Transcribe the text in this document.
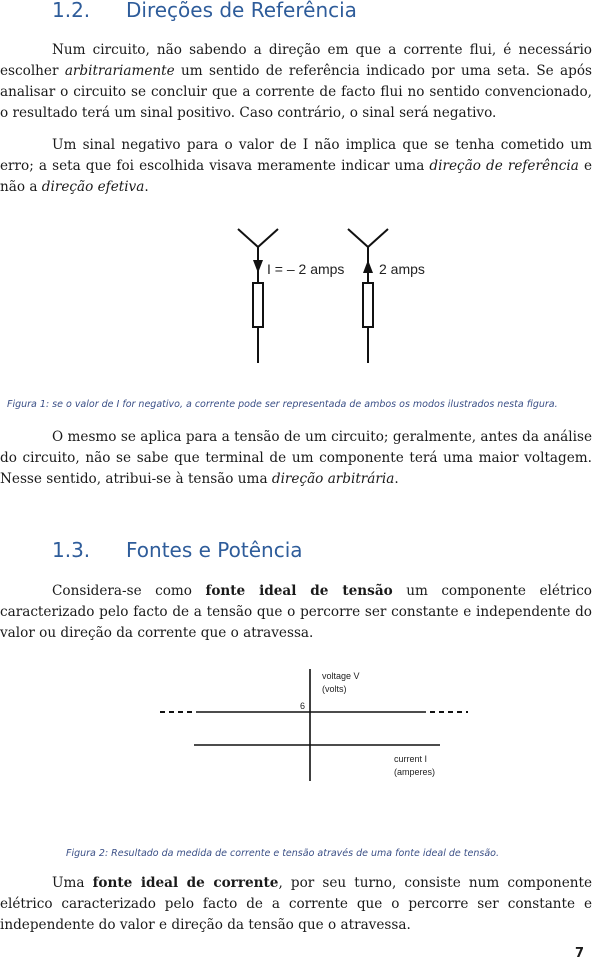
1.2. Direções de Referência

Num circuito, não sabendo a direção em que a corrente flui, é necessário escolher arbitrariamente um sentido de referência indicado por uma seta. Se após analisar o circuito se concluir que a corrente de facto flui no sentido convencionado, o resultado terá um sinal positivo. Caso contrário, o sinal será negativo.

Um sinal negativo para o valor de I não implica que se tenha cometido um erro; a seta que foi escolhida visava meramente indicar uma direção de referência e não a direção efetiva.

I = – 2 amps 2 amps

Figura 1: se o valor de I for negativo, a corrente pode ser representada de ambos os modos ilustrados nesta figura.

O mesmo se aplica para a tensão de um circuito; geralmente, antes da análise do circuito, não se sabe que terminal de um componente terá uma maior voltagem. Nesse sentido, atribui-se à tensão uma direção arbitrária.

1.3. Fontes e Potência

Considera-se como fonte ideal de tensão um componente elétrico caracterizado pelo facto de a tensão que o percorre ser constante e independente do valor ou direção da corrente que o atravessa.

6
voltage V
(volts)
current I
(amperes)

Figura 2: Resultado da medida de corrente e tensão através de uma fonte ideal de tensão.

Uma fonte ideal de corrente, por seu turno, consiste num componente elétrico caracterizado pelo facto de a corrente que o percorre ser constante e independente do valor e direção da tensão que o atravessa.

7
